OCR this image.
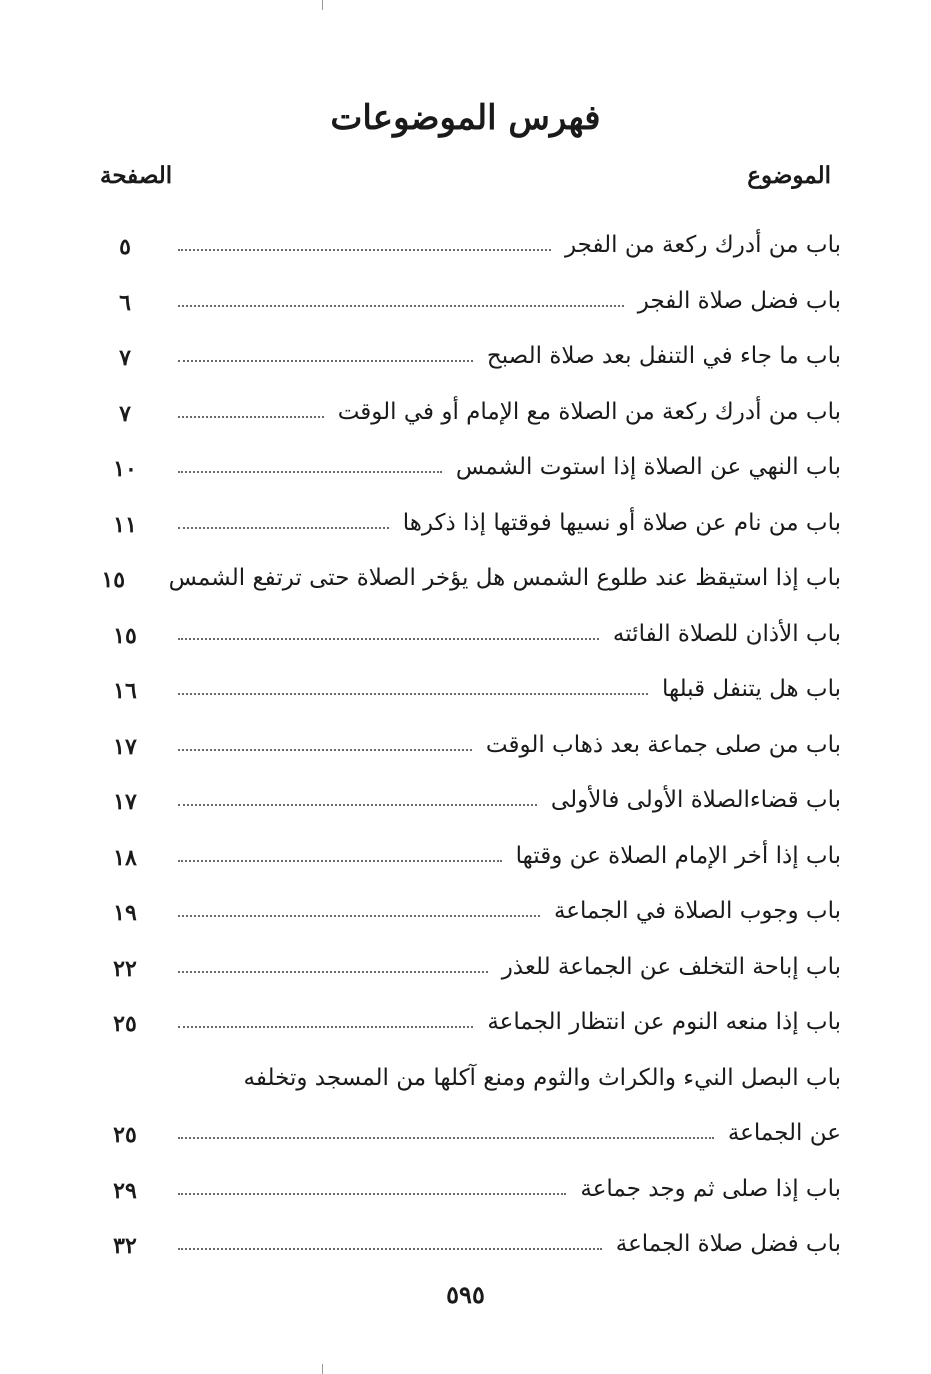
فهرس الموضوعات
الموضوع
الصفحة
باب من أدرك ركعة من الفجر
٥
باب فضل صلاة الفجر
٦
باب ما جاء في التنفل بعد صلاة الصبح
٧
باب من أدرك ركعة من الصلاة مع الإمام أو في الوقت
٧
باب النهي عن الصلاة إذا استوت الشمس
١٠
باب من نام عن صلاة أو نسيها فوقتها إذا ذكرها
١١
باب إذا استيقظ عند طلوع الشمس هل يؤخر الصلاة حتى ترتفع الشمس
١٥
باب الأذان للصلاة الفائته
١٥
باب هل يتنفل قبلها
١٦
باب من صلى جماعة بعد ذهاب الوقت
١٧
باب قضاءالصلاة الأولى فالأولى
١٧
باب إذا أخر الإمام الصلاة عن وقتها
١٨
باب وجوب الصلاة في الجماعة
١٩
باب إباحة التخلف عن الجماعة للعذر
٢٢
باب إذا منعه النوم عن انتظار الجماعة
٢٥
باب البصل النيء والكراث والثوم ومنع آكلها من المسجد وتخلفه
عن الجماعة
٢٥
باب إذا صلى ثم وجد جماعة
٢٩
باب فضل صلاة الجماعة
٣٢
٥٩٥
